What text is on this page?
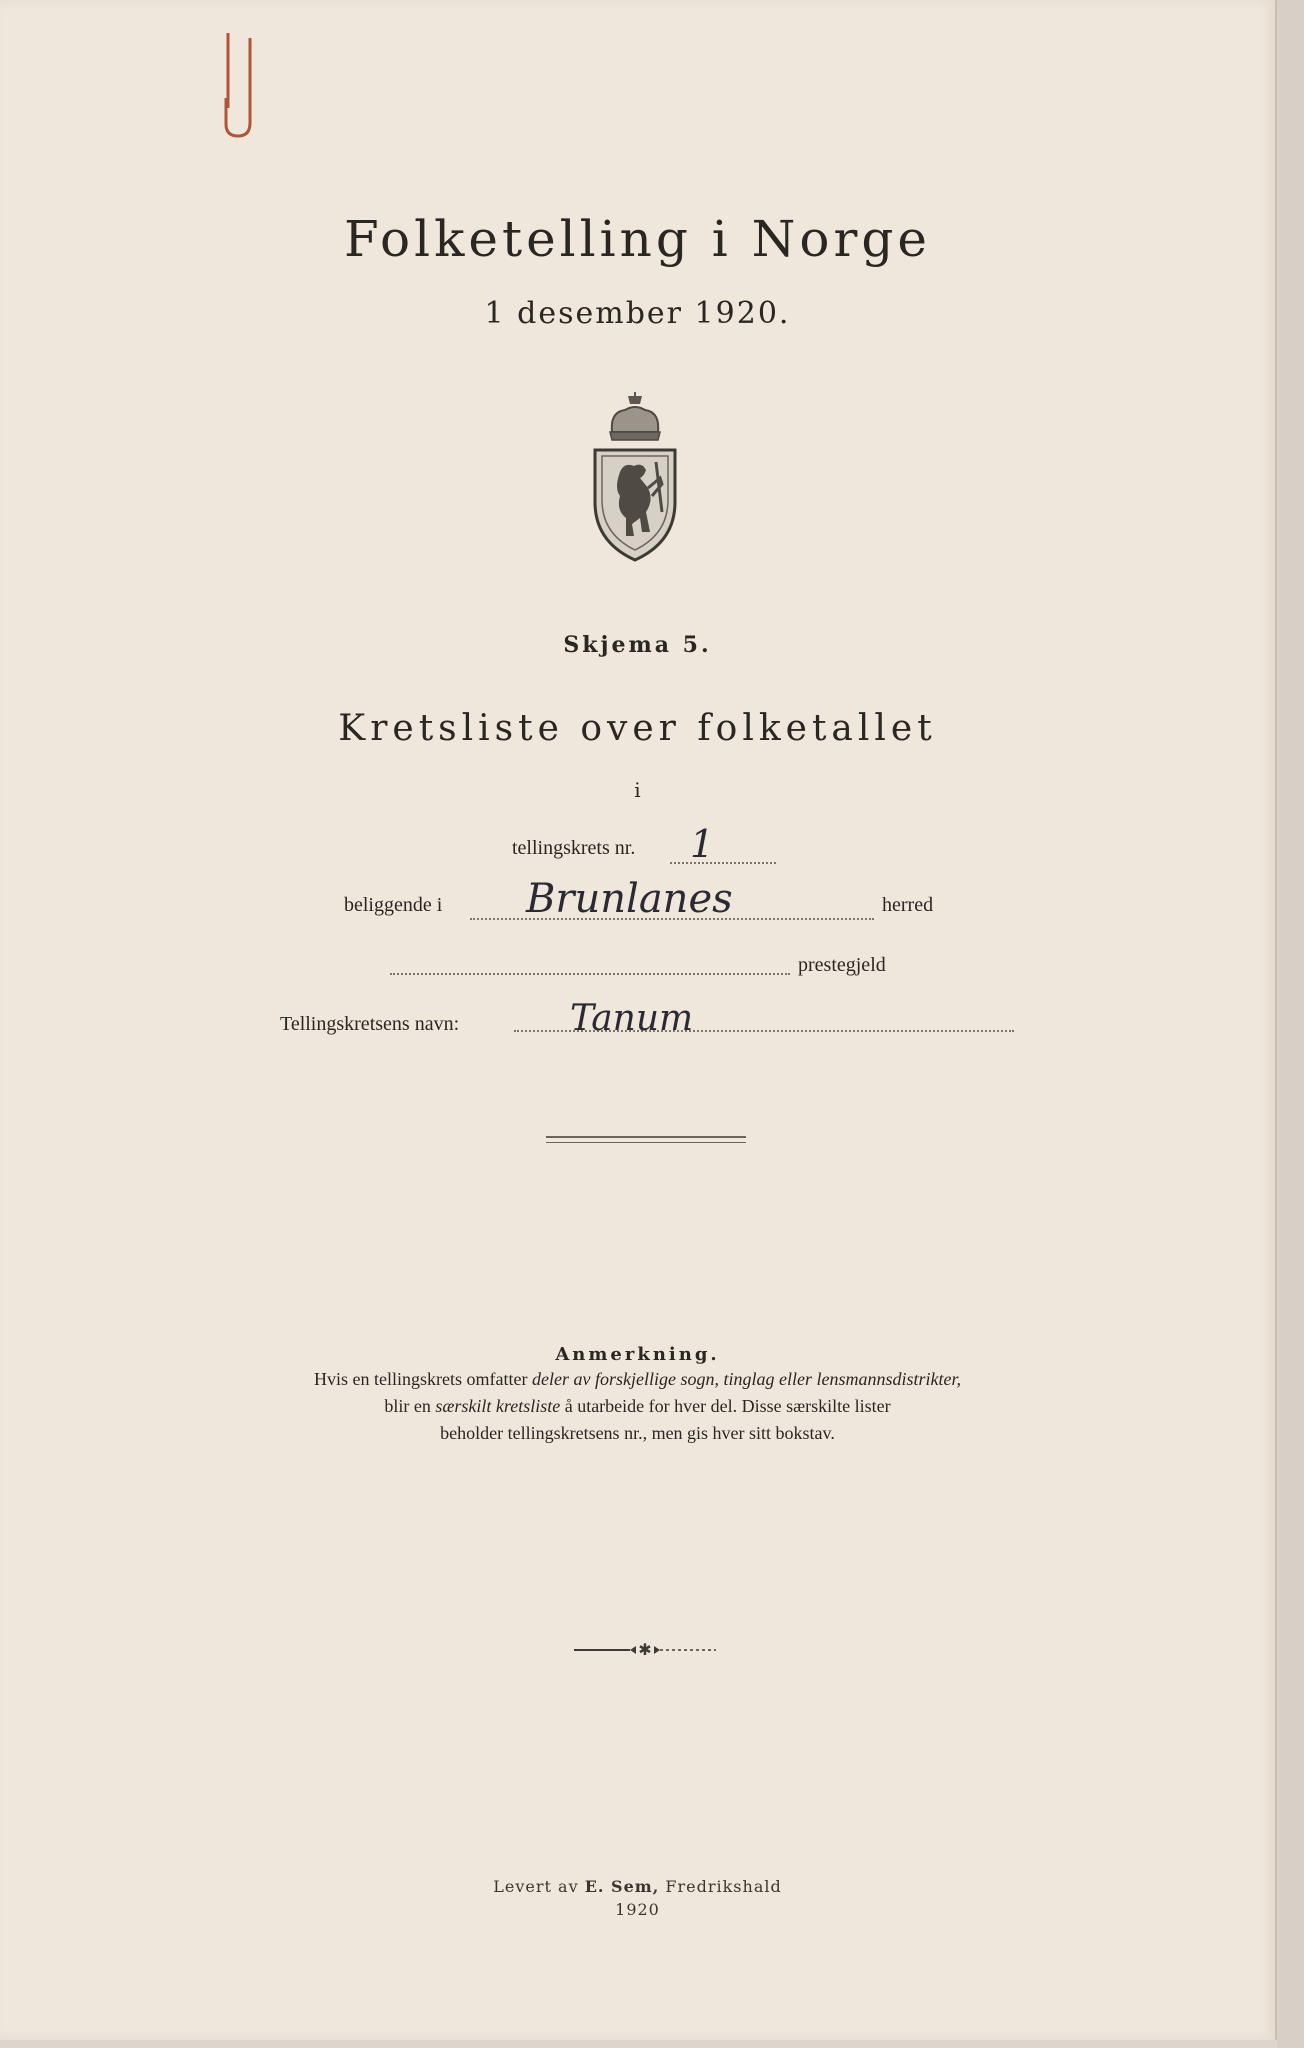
Folketelling i Norge
1 desember 1920.
Skjema 5.
Kretsliste over folketallet
i
tellingskrets nr. 1
beliggende i Brunlanes	herred
prestegjeld
Tellingskretsens navn:	Tanum
Anmerkning.
Hvis en tellingskrets omfatter deler av forskjellige sogn, tinglag eller lensmannsdistrikter,
blir en særskilt kretsliste å utarbeide for hver del. Disse særskilte lister
beholder tellingskretsens nr., men gis hver sitt bokstav.
✱
Levert av E. Sem, Fredrikshald
1920
